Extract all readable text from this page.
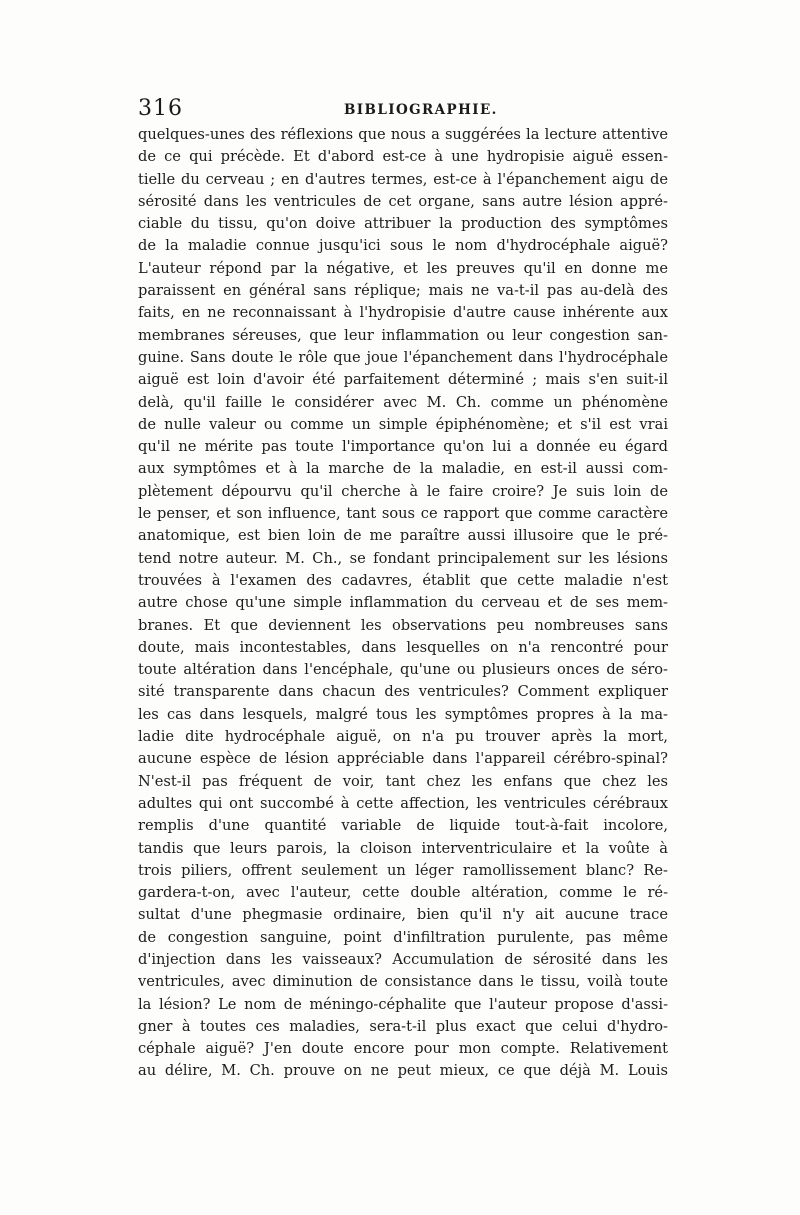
316	BIBLIOGRAPHIE.
quelques-unes des réflexions que nous a suggérées la lecture attentive
de ce qui précède. Et d'abord est-ce à une hydropisie aiguë essen-
tielle du cerveau ; en d'autres termes, est-ce à l'épanchement aigu de
sérosité dans les ventricules de cet organe, sans autre lésion appré-
ciable du tissu, qu'on doive attribuer la production des symptômes
de la maladie connue jusqu'ici sous le nom d'hydrocéphale aiguë?
L'auteur répond par la négative, et les preuves qu'il en donne me
paraissent en général sans réplique; mais ne va-t-il pas au-delà des
faits, en ne reconnaissant à l'hydropisie d'autre cause inhérente aux
membranes séreuses, que leur inflammation ou leur congestion san-
guine. Sans doute le rôle que joue l'épanchement dans l'hydrocéphale
aiguë est loin d'avoir été parfaitement déterminé ; mais s'en suit-il
delà, qu'il faille le considérer avec M. Ch. comme un phénomène
de nulle valeur ou comme un simple épiphénomène; et s'il est vrai
qu'il ne mérite pas toute l'importance qu'on lui a donnée eu égard
aux symptômes et à la marche de la maladie, en est-il aussi com-
plètement dépourvu qu'il cherche à le faire croire? Je suis loin de
le penser, et son influence, tant sous ce rapport que comme caractère
anatomique, est bien loin de me paraître aussi illusoire que le pré-
tend notre auteur. M. Ch., se fondant principalement sur les lésions
trouvées à l'examen des cadavres, établit que cette maladie n'est
autre chose qu'une simple inflammation du cerveau et de ses mem-
branes. Et que deviennent les observations peu nombreuses sans
doute, mais incontestables, dans lesquelles on n'a rencontré pour
toute altération dans l'encéphale, qu'une ou plusieurs onces de séro-
sité transparente dans chacun des ventricules? Comment expliquer
les cas dans lesquels, malgré tous les symptômes propres à la ma-
ladie dite hydrocéphale aiguë, on n'a pu trouver après la mort,
aucune espèce de lésion appréciable dans l'appareil cérébro-spinal?
N'est-il pas fréquent de voir, tant chez les enfans que chez les
adultes qui ont succombé à cette affection, les ventricules cérébraux
remplis d'une quantité variable de liquide tout-à-fait incolore,
tandis que leurs parois, la cloison interventriculaire et la voûte à
trois piliers, offrent seulement un léger ramollissement blanc? Re-
gardera-t-on, avec l'auteur, cette double altération, comme le ré-
sultat d'une phegmasie ordinaire, bien qu'il n'y ait aucune trace
de congestion sanguine, point d'infiltration purulente, pas même
d'injection dans les vaisseaux? Accumulation de sérosité dans les
ventricules, avec diminution de consistance dans le tissu, voilà toute
la lésion? Le nom de méningo-céphalite que l'auteur propose d'assi-
gner à toutes ces maladies, sera-t-il plus exact que celui d'hydro-
céphale aiguë? J'en doute encore pour mon compte. Relativement
au délire, M. Ch. prouve on ne peut mieux, ce que déjà M. Louis
